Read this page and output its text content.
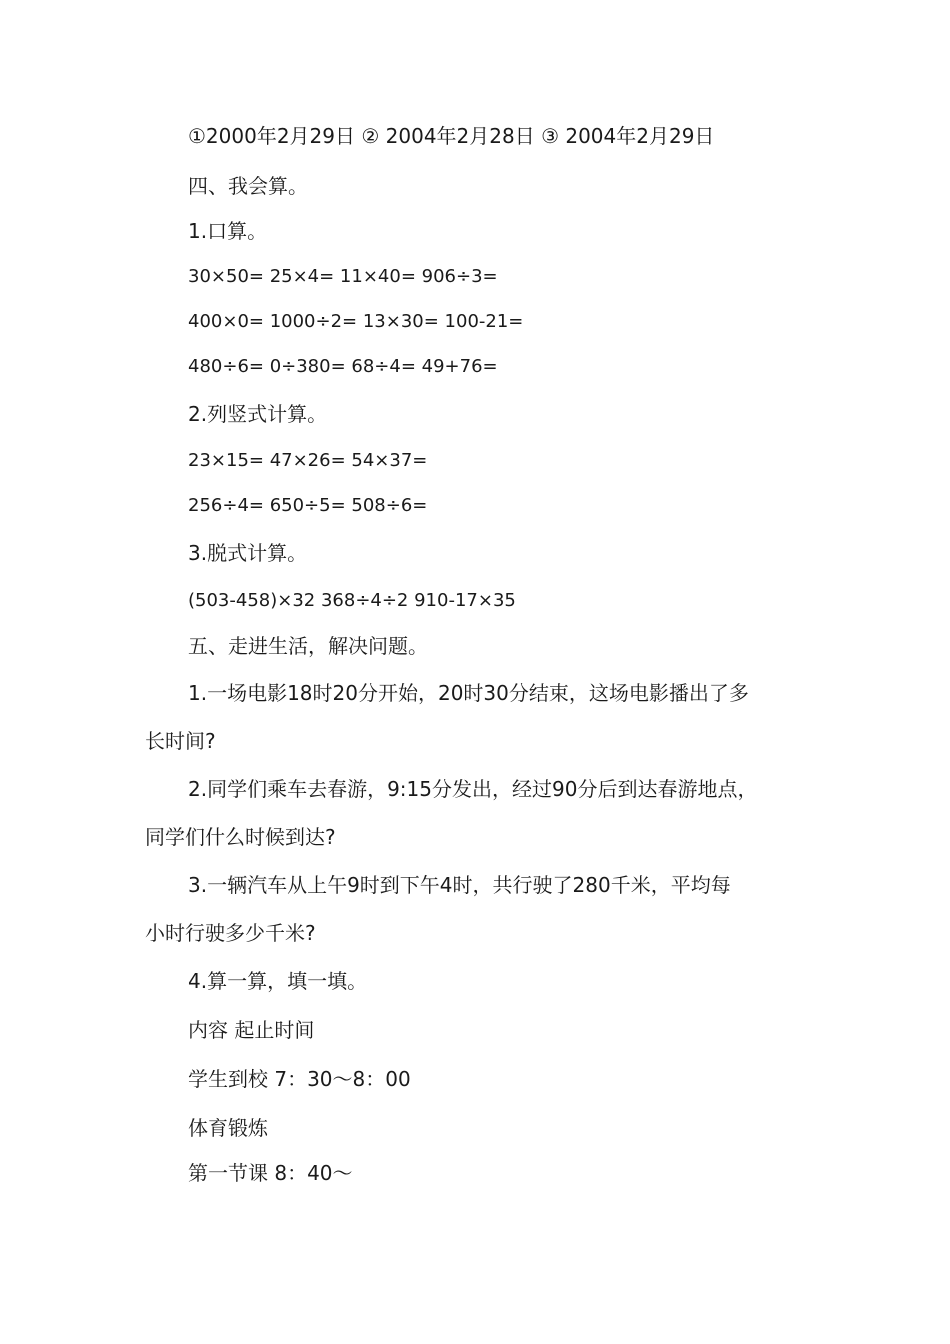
①2000年2月29日 ② 2004年2月28日 ③ 2004年2月29日
四、我会算。
1.口算。
30×50= 25×4= 11×40= 906÷3=
400×0= 1000÷2= 13×30= 100-21=
480÷6= 0÷380= 68÷4= 49+76=
2.列竖式计算。
23×15= 47×26= 54×37=
256÷4= 650÷5= 508÷6=
3.脱式计算。
(503-458)×32 368÷4÷2 910-17×35
五、走进生活，解决问题。
1.一场电影18时20分开始，20时30分结束，这场电影播出了多
长时间?
2.同学们乘车去春游，9:15分发出，经过90分后到达春游地点，
同学们什么时候到达?
3.一辆汽车从上午9时到下午4时，共行驶了280千米，平均每
小时行驶多少千米?
4.算一算，填一填。
内容 起止时间
学生到校 7：30～8：00
体育锻炼
第一节课 8：40～
